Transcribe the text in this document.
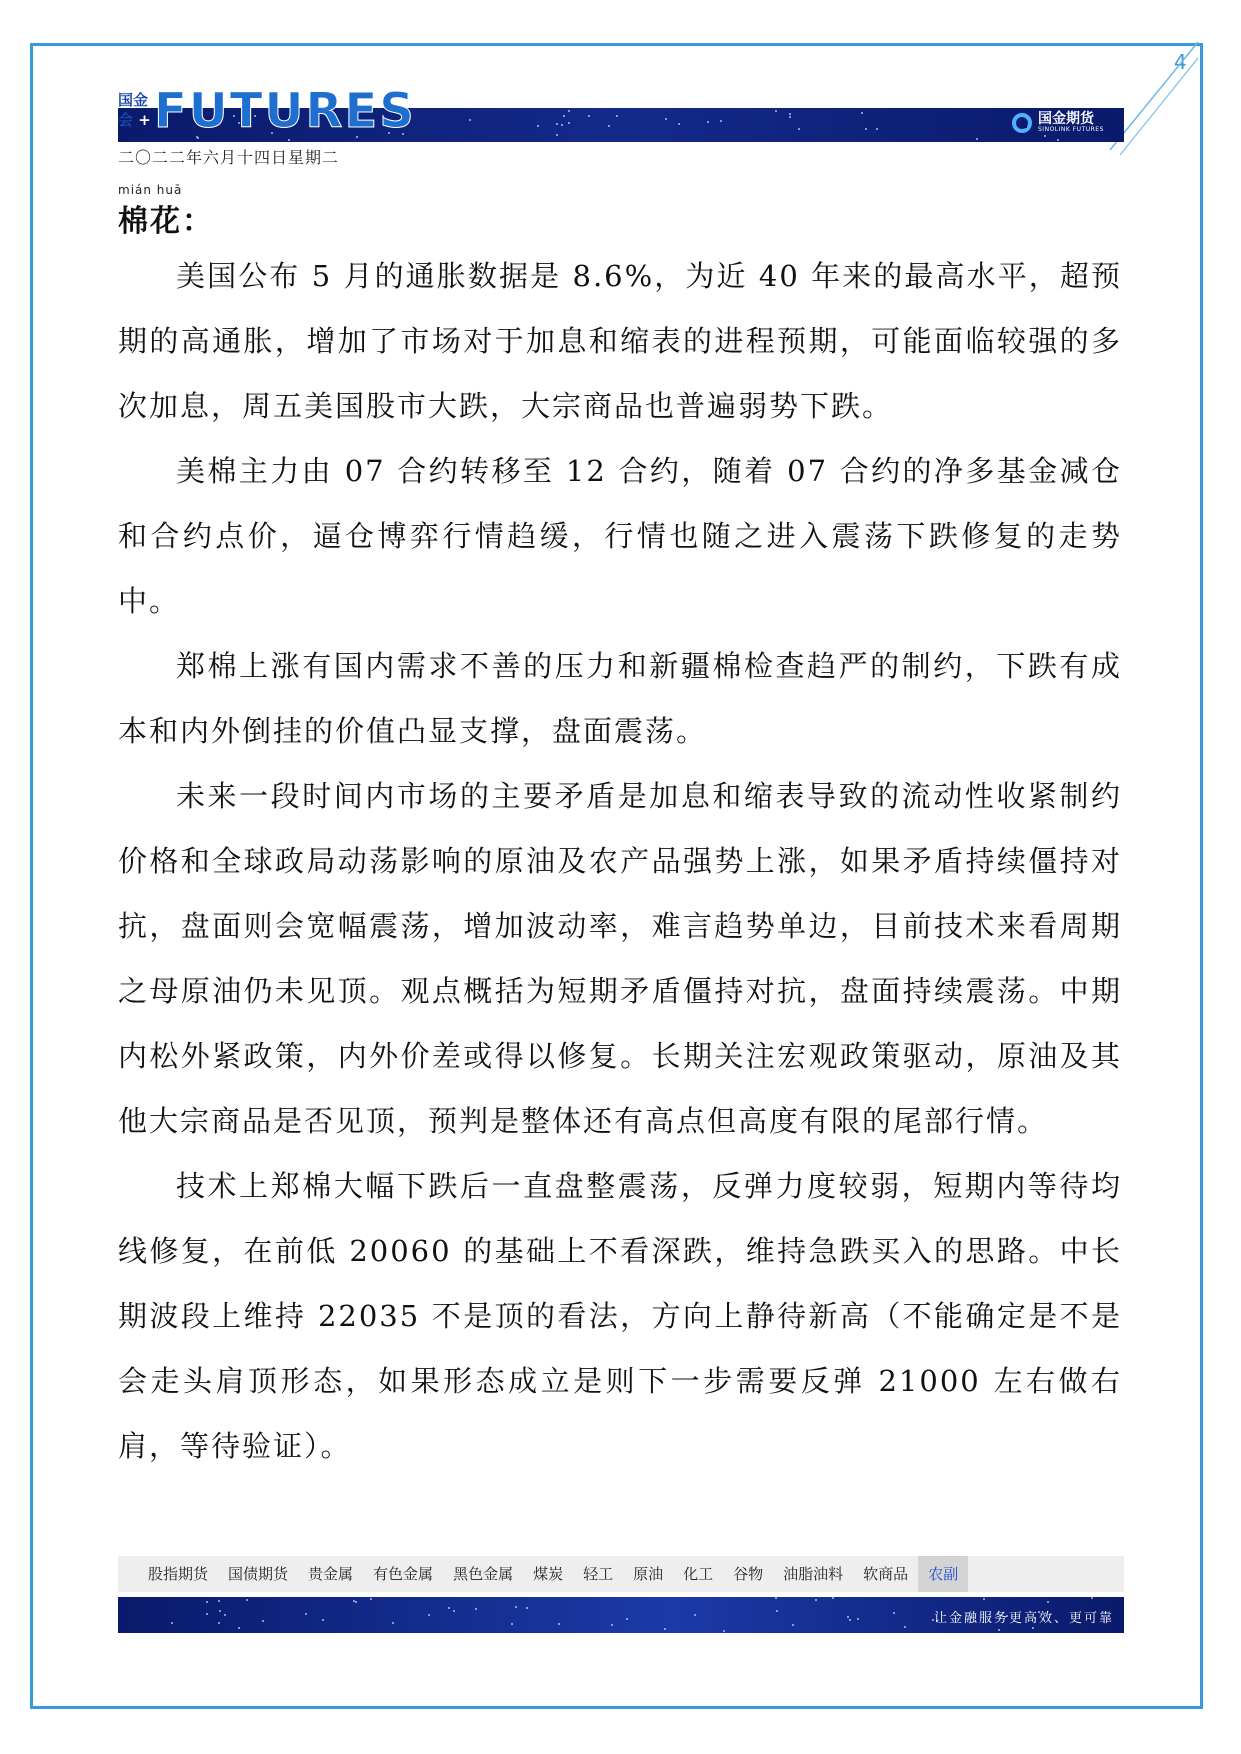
4
国金
会 + FUTURES	国金期货
SINOLINK FUTURES
二〇二二年六月十四日星期二
mián huā
棉花：

美国公布 5 月的通胀数据是 8.6%，为近 40 年来的最高水平，超预期的高通胀，增加了市场对于加息和缩表的进程预期，可能面临较强的多次加息，周五美国股市大跌，大宗商品也普遍弱势下跌。

美棉主力由 07 合约转移至 12 合约，随着 07 合约的净多基金减仓和合约点价，逼仓博弈行情趋缓，行情也随之进入震荡下跌修复的走势中。

郑棉上涨有国内需求不善的压力和新疆棉检查趋严的制约，下跌有成本和内外倒挂的价值凸显支撑，盘面震荡。

未来一段时间内市场的主要矛盾是加息和缩表导致的流动性收紧制约价格和全球政局动荡影响的原油及农产品强势上涨，如果矛盾持续僵持对抗，盘面则会宽幅震荡，增加波动率，难言趋势单边，目前技术来看周期之母原油仍未见顶。观点概括为短期矛盾僵持对抗，盘面持续震荡。中期内松外紧政策，内外价差或得以修复。长期关注宏观政策驱动，原油及其他大宗商品是否见顶，预判是整体还有高点但高度有限的尾部行情。

技术上郑棉大幅下跌后一直盘整震荡，反弹力度较弱，短期内等待均线修复，在前低 20060 的基础上不看深跌，维持急跌买入的思路。中长期波段上维持 22035 不是顶的看法，方向上静待新高（不能确定是不是会走头肩顶形态，如果形态成立是则下一步需要反弹 21000 左右做右肩，等待验证）。

股指期货	国债期货	贵金属	有色金属	黑色金属	煤炭	轻工	原油	化工	谷物	油脂油料	软商品	农副
让金融服务更高效、更可靠
